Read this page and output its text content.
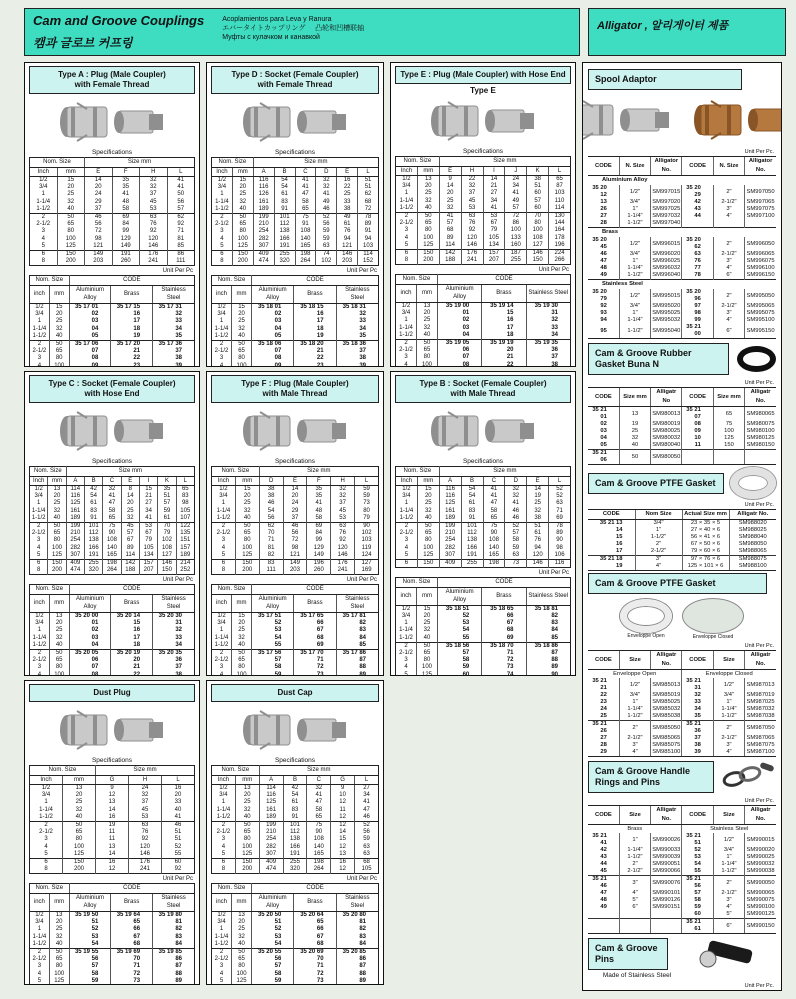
Cam and Groove Couplings
캠과 글로브 커프링
Acoplamientos para Leva y Ranura
エバータイトカップリング 凸轮和凹槽联轴
Муфты с кулачком и канавкой
Alligator , 알리게이터 제품
Type A : Plug (Male Coupler)
with Female Thread
Specifications
Nom. Size		Size mm			
Inch	mm	E	F	H	L
1/2	15	14	35	32	41
3/4	20	20	35	32	41
1	25	24	41	37	50
1-1/4	32	29	48	45	56
1-1/2	40	37	58	53	57
2	50	46	69	63	62
2-1/2	65	56	84	76	92
3	80	72	99	92	71
4	100	98	129	120	81
5	125	121	149	146	85
6	150	149	191	176	86
8	200	203	260	241	111
Unit Per Pc
Nom. Size		CODE		
inch	mm	Aluminium Alloy	Brass	Stainless Steel
1/2	15	35 17 01	35 17 15	35 17 31
3/4	20	02	16	32
1	25	03	17	33
1-1/4	32	04	18	34
1-1/2	40	05	19	35
2	50	35 17 06	35 17 20	35 17 36
2-1/2	65	07	21	37
3	80	08	22	38
4	100	09	23	39

Type C : Socket (Female Coupler)
with Hose End
Specifications
Nom. Size		Size mm						
Inch	mm	A	B	C	E	I	K	L
1/2	13	114	42	32	8	15	35	65
3/4	20	116	54	41	14	21	51	83
1	25	125	61	47	20	27	57	98
1-1/4	32	161	83	58	25	34	59	105
1-1/2	40	189	91	65	32	41	61	107
2	50	199	101	75	45	53	70	122
2-1/2	65	210	112	90	57	67	79	135
3	80	254	138	108	67	79	102	151
4	100	282	166	140	89	105	108	157
5	125	307	191	165	114	134	127	189
6	150	409	255	198	142	157	146	214
8	200	474	320	264	188	207	150	252
Unit Per Pc
Nom. Size		CODE		
inch	mm	Aluminium Alloy	Brass	Stainless Steel
1/2	13	35 20 00	35 20 14	35 20 30
3/4	20	01	15	31
1	25	02	16	32
1-1/4	32	03	17	33
1-1/2	40	04	18	34
2	50	35 20 05	35 20 19	35 20 35
2-1/2	65	06	20	36
3	80	07	21	37
4	100	08	22	38

Dust Plug
Specifications
Nom. Size		Size mm		
Inch	mm	G	H	L
1/2	13	9	24	16
3/4	20	12	32	20
1	25	13	37	33
1-1/4	32	14	45	40
1-1/2	40	16	53	41
2	50	19	63	46
2-1/2	65	11	76	51
3	80	11	92	51
4	100	13	120	52
5	125	14	146	55
6	150	16	176	60
8	200	12	241	92
Unit Per Pc
Nom. Size		CODE		
inch	mm	Aluminium Alloy	Brass	Stainless Steel
1/2	13	35 19 50	35 19 64	35 19 80
3/4	20	51	65	81
1	25	52	66	82
1-1/4	32	53	67	83
1-1/2	40	54	68	84
2	50	35 19 55	35 19 69	35 19 85
2-1/2	65	56	70	86
3	80	57	71	87
4	100	58	72	88
5	125	59	73	89

Type D : Socket (Female Coupler)
with Female Thread
Specifications
Nom. Size		Size mm					
Inch	mm	A	B	C	D	E	L
1/2	15	116	54	41	32	16	51
3/4	20	116	54	41	32	22	51
1	25	126	61	47	41	25	62
1-1/4	32	161	83	58	49	33	68
1-1/2	40	189	91	65	46	38	72
2	50	199	101	75	52	49	78
2-1/2	65	210	112	91	56	61	89
3	80	254	138	108	59	76	91
4	100	282	166	140	59	94	94
5	125	307	191	165	63	121	103
6	150	409	255	198	74	146	114
8	200	474	320	264	102	203	152
Unit Per Pc
Nom. Size		CODE		
inch	mm	Aluminium Alloy	Brass	Stainless Steel
1/2	15	35 18 01	35 18 15	35 18 31
3/4	20	02	16	32
1	25	03	17	33
1-1/4	32	04	18	34
1-1/2	40	05	19	35
2	50	35 18 06	35 18 20	35 18 36
2-1/2	65	07	21	37
3	80	08	22	38
4	100	09	23	39

Type F : Plug (Male Coupler)
with Male Thread
Specifications
Nom. Size		Size mm				
Inch	mm	D	E	F	H	L
1/2	15	38	14	35	32	59
3/4	20	38	20	35	32	59
1	25	46	24	41	37	73
1-1/4	32	54	29	48	45	80
1-1/2	40	56	37	58	53	79
2	50	62	46	69	63	90
2-1/2	65	70	56	84	76	102
3	80	71	72	99	92	103
4	100	81	98	129	120	119
5	125	82	121	149	146	124
6	150	83	149	196	176	127
8	200	111	203	260	241	169
Unit Per Pc
Nom. Size		CODE		
inch	mm	Aluminium Alloy	Brass	Stainless Steel
1/2	15	35 17 51	35 17 65	35 17 81
3/4	20	52	66	82
1	25	53	67	83
1-1/4	32	54	68	84
1-1/2	40	55	69	85
2	50	35 17 56	35 17 70	35 17 86
2-1/2	65	57	71	87
3	80	58	72	88
4	100	59	73	89

Dust Cap
Specifications
Nom. Size		Size mm				
Inch	mm	A	B	C	G	L
1/2	13	114	42	32	9	27
3/4	20	116	54	41	10	34
1	25	125	61	47	12	41
1-1/4	32	161	83	58	11	47
1-1/2	40	189	91	65	12	46
2	50	199	101	75	12	52
2-1/2	65	210	112	90	14	56
3	80	254	138	108	15	59
4	100	282	166	140	12	63
5	125	307	191	165	13	63
6	150	409	255	198	16	68
8	200	474	320	264	12	105
Unit Per Pc
Nom. Size		CODE		
inch	mm	Aluminium Alloy	Brass	Stainless Steel
1/2	13	35 20 50	35 20 64	35 20 80
3/4	20	51	65	81
1	25	52	66	82
1-1/4	32	53	67	83
1-1/2	40	54	68	84
2	50	35 20 55	35 20 69	35 20 85
2-1/2	65	56	70	86
3	80	57	71	87
4	100	58	72	88
5	125	59	73	89

Type E : Plug (Male Coupler) with Hose End
Type E
Specifications
Nom. Size		Size mm					
Inch	mm	E	H	I	J	K	L
1/2	13	9	22	14	24	38	65
3/4	20	14	32	21	34	51	87
1	25	20	37	27	41	60	103
1-1/4	32	25	45	34	49	57	110
1-1/2	40	32	53	41	57	60	114
2	50	41	63	53	72	70	130
2-1/2	65	57	76	67	86	80	144
3	80	68	92	79	100	100	164
4	100	89	120	105	133	108	178
5	125	114	146	134	160	127	196
6	150	142	176	157	187	146	224
8	200	188	241	207	255	150	266
Unit Per Pc
Nom. Size		CODE		
inch	mm	Aluminium Alloy	Brass	Stainless Steel
1/2	13	35 19 00	35 19 14	35 19 30
3/4	20	01	15	31
1	25	02	16	32
1-1/4	32	03	17	33
1-1/2	40	04	18	34
2	50	35 19 05	35 19 19	35 19 35
2-1/2	65	06	20	36
3	80	07	21	37
4	100	08	22	38

Type B : Socket (Female Coupler)
with Male Thread
Specifications
Nom. Size		Size mm					
Inch	mm	A	B	C	D	E	L
1/2	15	116	54	41	32	14	52
3/4	20	116	54	41	32	19	52
1	25	125	61	47	41	25	63
1-1/4	32	161	83	58	46	32	71
1-1/2	40	189	91	65	46	38	69
2	50	199	101	75	52	51	78
2-1/2	65	210	112	90	57	61	89
3	80	254	138	108	58	76	90
4	100	282	166	140	59	94	98
5	125	307	191	165	63	120	106
6	150	409	255	198	73	146	116
Unit Per Pc
Nom. Size		CODE		
inch	mm	Aluminium Alloy	Brass	Stainless Steel
1/2	15	35 18 51	35 18 65	35 18 81
3/4	20	52	66	82
1	25	53	67	83
1-1/4	32	54	68	84
1-1/2	40	55	69	85
2	50	35 18 56	35 18 70	35 18 86
2-1/2	65	57	71	87
3	80	58	72	88
4	100	59	73	89
5	125	60	74	90

Spool Adaptor
Unit Per Pc.
CODE	N. Size	Alligator No.	CODE	N. Size	Alligator No.
Aluminium Alloy					
35 20 12	1/2"	SM997015	35 20 29	2"	SM997050
13	3/4"	SM997020	42	2-1/2"	SM997065
26	1"	SM997025	43	3"	SM997075
27	1-1/4"	SM997032	44	4"	SM997100
28	1-1/2"	SM997040			
Brass					
35 20 45	1/2"	SM996015	35 20 62	2"	SM996050
46	3/4"	SM996020	63	2-1/2"	SM996065
47	1"	SM996025	76	3"	SM996075
48	1-1/4"	SM996032	77	4"	SM996100
49	1-1/2"	SM996040	78	6"	SM996150
Stainless Steel					
35 20 79	1/2"	SM995015	35 20 96	2"	SM995050
92	3/4"	SM995020	97	2-1/2"	SM995065
93	1"	SM995025	98	3"	SM995075
94	1-1/4"	SM995032	99	4"	SM995100
95	1-1/2"	SM995040	35 21 00	6"	SM995150
Cam & Groove Rubber
Gasket Buna N
Unit Per Pc.
CODE	Size mm	Alligatr No	CODE	Size mm	Alligatr No.
35 21 01	13	SM980013	35 21 07	65	SM980065
02	19	SM980019	08	75	SM980075
03	25	SM980025	09	100	SM980100
04	32	SM980032	10	125	SM980125
05	40	SM980040	11	150	SM980150
35 21 06	50	SM980050			
Cam & Groove PTFE Gasket
Unit Per Pc.
CODE	Nom Size	Actual Size mm	Alligatr No.
35 21 13	3/4"	23 × 35 × 5	SM988020
14	1"	27 × 40 × 6	SM988025
15	1-1/2"	56 × 41 × 6	SM988040
16	2"	67 × 50 × 6	SM988050
17	2-1/2"	79 × 60 × 6	SM988065
35 21 18	3"	97 × 76 × 6	SM988075
19	4"	125 × 101 × 6	SM988100
Cam & Groove PTFE Gasket
Enveloppe Open	Enveloppe Closed
Unit Per Pc.
CODE	Size	Alligatr No.	CODE	Size	Alligatr No.
Enveloppe Open			Enveloppe Closed		
35 21 21	1/2"	SM985013	35 21 31	1/2"	SM987013
22	3/4"	SM985019	32	3/4"	SM987019
23	1"	SM985025	33	1"	SM987025
24	1-1/4"	SM985032	34	1-1/4"	SM987032
25	1-1/2"	SM985038	35	1-1/2"	SM987038
35 21 26	2"	SM985050	35 21 36	2"	SM987050
27	2-1/2"	SM985065	37	2-1/2"	SM987065
28	3"	SM985075	38	3"	SM987075
29	4"	SM985100	39	4"	SM987100
Cam & Groove Handle
Rings and Pins
Unit Per Pc.
CODE	Size	Alligatr No.	CODE	Size	Alligatr No.
Brass			Stainless Steel		
35 21 41	1"	SM990026	35 21 51	1/2"	SM990015
42	1-1/4"	SM990033	52	3/4"	SM990020
43	1-1/2"	SM990039	53	1"	SM990025
44	2"	SM990051	54	1-1/4"	SM990032
45	2-1/2"	SM990066	55	1-1/2"	SM990038
35 21 46	3"	SM990076	35 21 56	2"	SM990050
47	4"	SM990101	57	2-1/2"	SM990065
48	5"	SM990126	58	3"	SM990075
49	6"	SM990151	59	4"	SM990100
			60	5"	SM990125
			35 21 61	6"	SM990150
Cam & Groove Pins
Made of Stainless Steel
Unit Per Pc.
